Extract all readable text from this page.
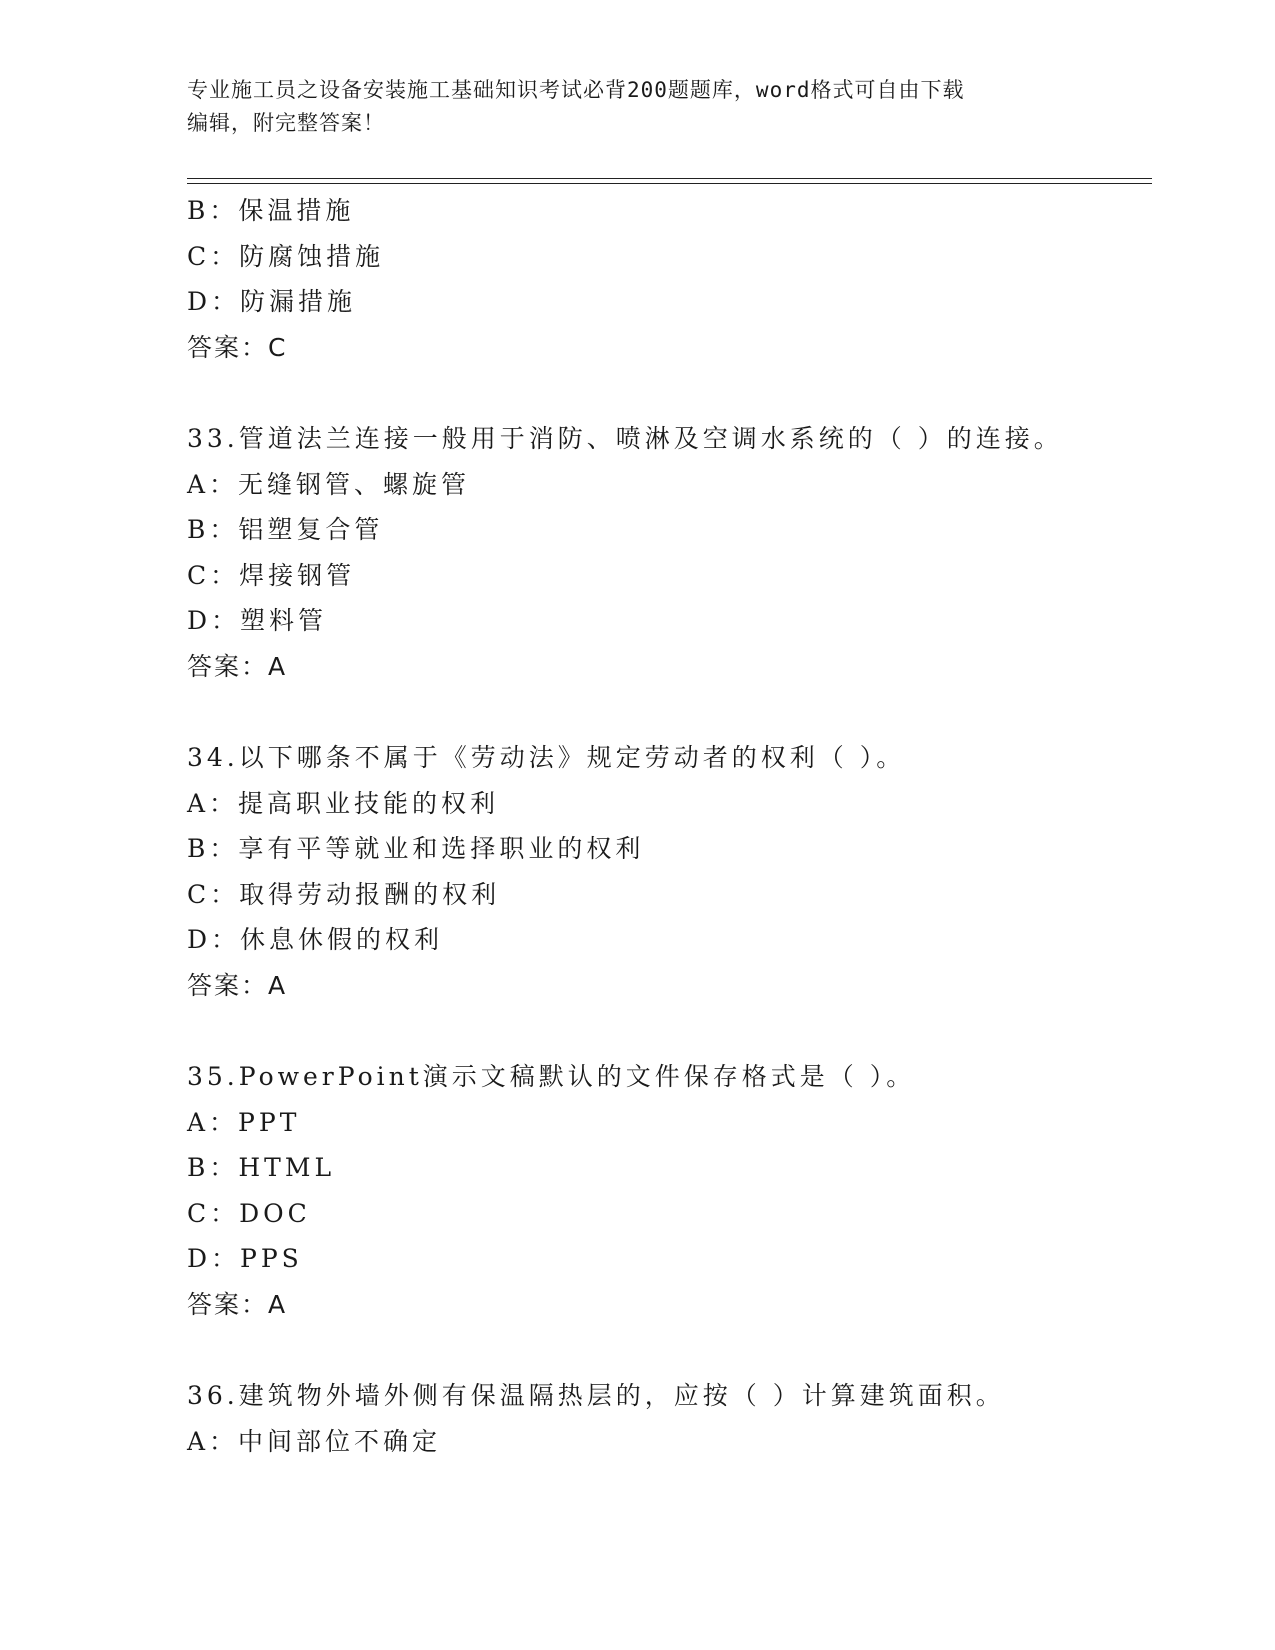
专业施工员之设备安装施工基础知识考试必背200题题库，word格式可自由下载
编辑，附完整答案！
B：保温措施
C：防腐蚀措施
D：防漏措施
答案：C
33.管道法兰连接一般用于消防、喷淋及空调水系统的（ ）的连接。
A：无缝钢管、螺旋管
B：铝塑复合管
C：焊接钢管
D：塑料管
答案：A
34.以下哪条不属于《劳动法》规定劳动者的权利（ ）。
A：提高职业技能的权利
B：享有平等就业和选择职业的权利
C：取得劳动报酬的权利
D：休息休假的权利
答案：A
35.PowerPoint演示文稿默认的文件保存格式是（ ）。
A：PPT
B：HTML
C：DOC
D：PPS
答案：A
36.建筑物外墙外侧有保温隔热层的，应按（ ）计算建筑面积。
A：中间部位不确定
